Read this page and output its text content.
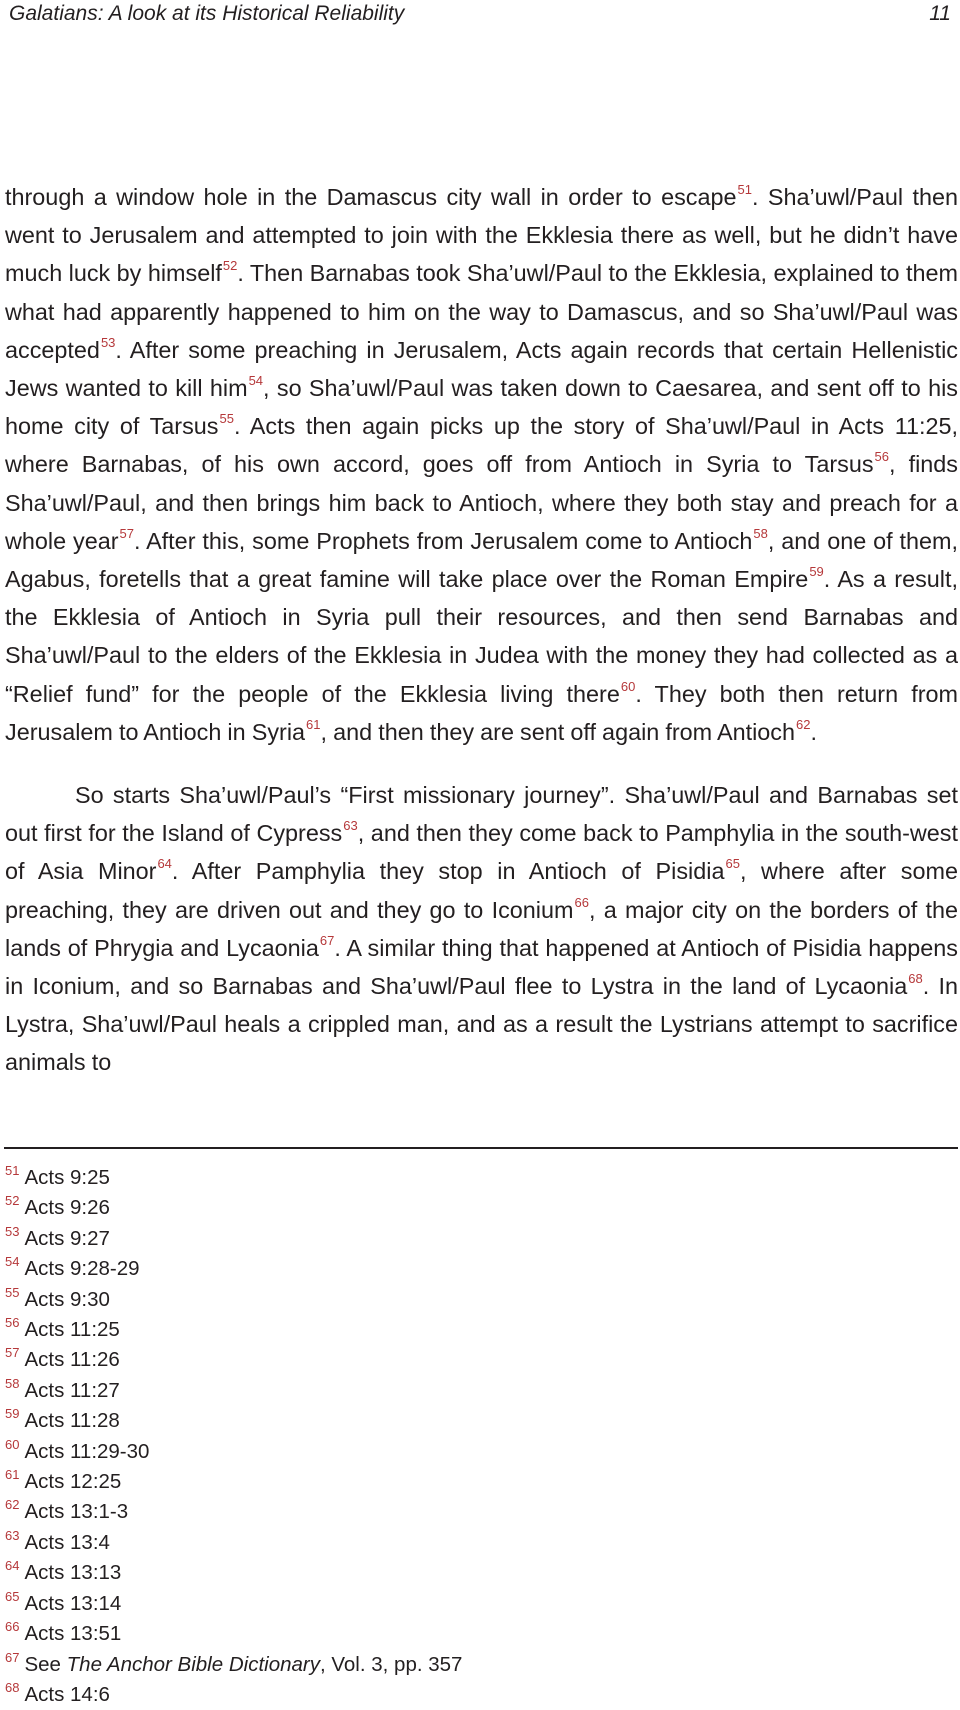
Galatians: A look at its Historical Reliability	11

through a window hole in the Damascus city wall in order to escape$^{51}$. Sha’uwl/Paul then went to Jerusalem and attempted to join with the Ekklesia there as well, but he didn’t have much luck by himself$^{52}$. Then Barnabas took Sha’uwl/Paul to the Ekklesia, explained to them what had apparently happened to him on the way to Damascus, and so Sha’uwl/Paul was accepted$^{53}$. After some preaching in Jerusalem, Acts again records that certain Hellenistic Jews wanted to kill him$^{54}$, so Sha’uwl/Paul was taken down to Caesarea, and sent off to his home city of Tarsus$^{55}$. Acts then again picks up the story of Sha’uwl/Paul in Acts 11:25, where Barnabas, of his own accord, goes off from Antioch in Syria to Tarsus$^{56}$, finds Sha’uwl/Paul, and then brings him back to Antioch, where they both stay and preach for a whole year$^{57}$. After this, some Prophets from Jerusalem come to Antioch$^{58}$, and one of them, Agabus, foretells that a great famine will take place over the Roman Empire$^{59}$. As a result, the Ekklesia of Antioch in Syria pull their resources, and then send Barnabas and Sha’uwl/Paul to the elders of the Ekklesia in Judea with the money they had collected as a “Relief fund” for the people of the Ekklesia living there$^{60}$. They both then return from Jerusalem to Antioch in Syria$^{61}$, and then they are sent off again from Antioch$^{62}$.

So starts Sha’uwl/Paul’s “First missionary journey”. Sha’uwl/Paul and Barnabas set out first for the Island of Cypress$^{63}$, and then they come back to Pamphylia in the south-west of Asia Minor$^{64}$. After Pamphylia they stop in Antioch of Pisidia$^{65}$, where after some preaching, they are driven out and they go to Iconium$^{66}$, a major city on the borders of the lands of Phrygia and Lycaonia$^{67}$. A similar thing that happened at Antioch of Pisidia happens in Iconium, and so Barnabas and Sha’uwl/Paul flee to Lystra in the land of Lycaonia$^{68}$. In Lystra, Sha’uwl/Paul heals a crippled man, and as a result the Lystrians attempt to sacrifice animals to

$^{51}$ Acts 9:25
$^{52}$ Acts 9:26
$^{53}$ Acts 9:27
$^{54}$ Acts 9:28-29
$^{55}$ Acts 9:30
$^{56}$ Acts 11:25
$^{57}$ Acts 11:26
$^{58}$ Acts 11:27
$^{59}$ Acts 11:28
$^{60}$ Acts 11:29-30
$^{61}$ Acts 12:25
$^{62}$ Acts 13:1-3
$^{63}$ Acts 13:4
$^{64}$ Acts 13:13
$^{65}$ Acts 13:14
$^{66}$ Acts 13:51
$^{67}$ See The Anchor Bible Dictionary, Vol. 3, pp. 357
$^{68}$ Acts 14:6
